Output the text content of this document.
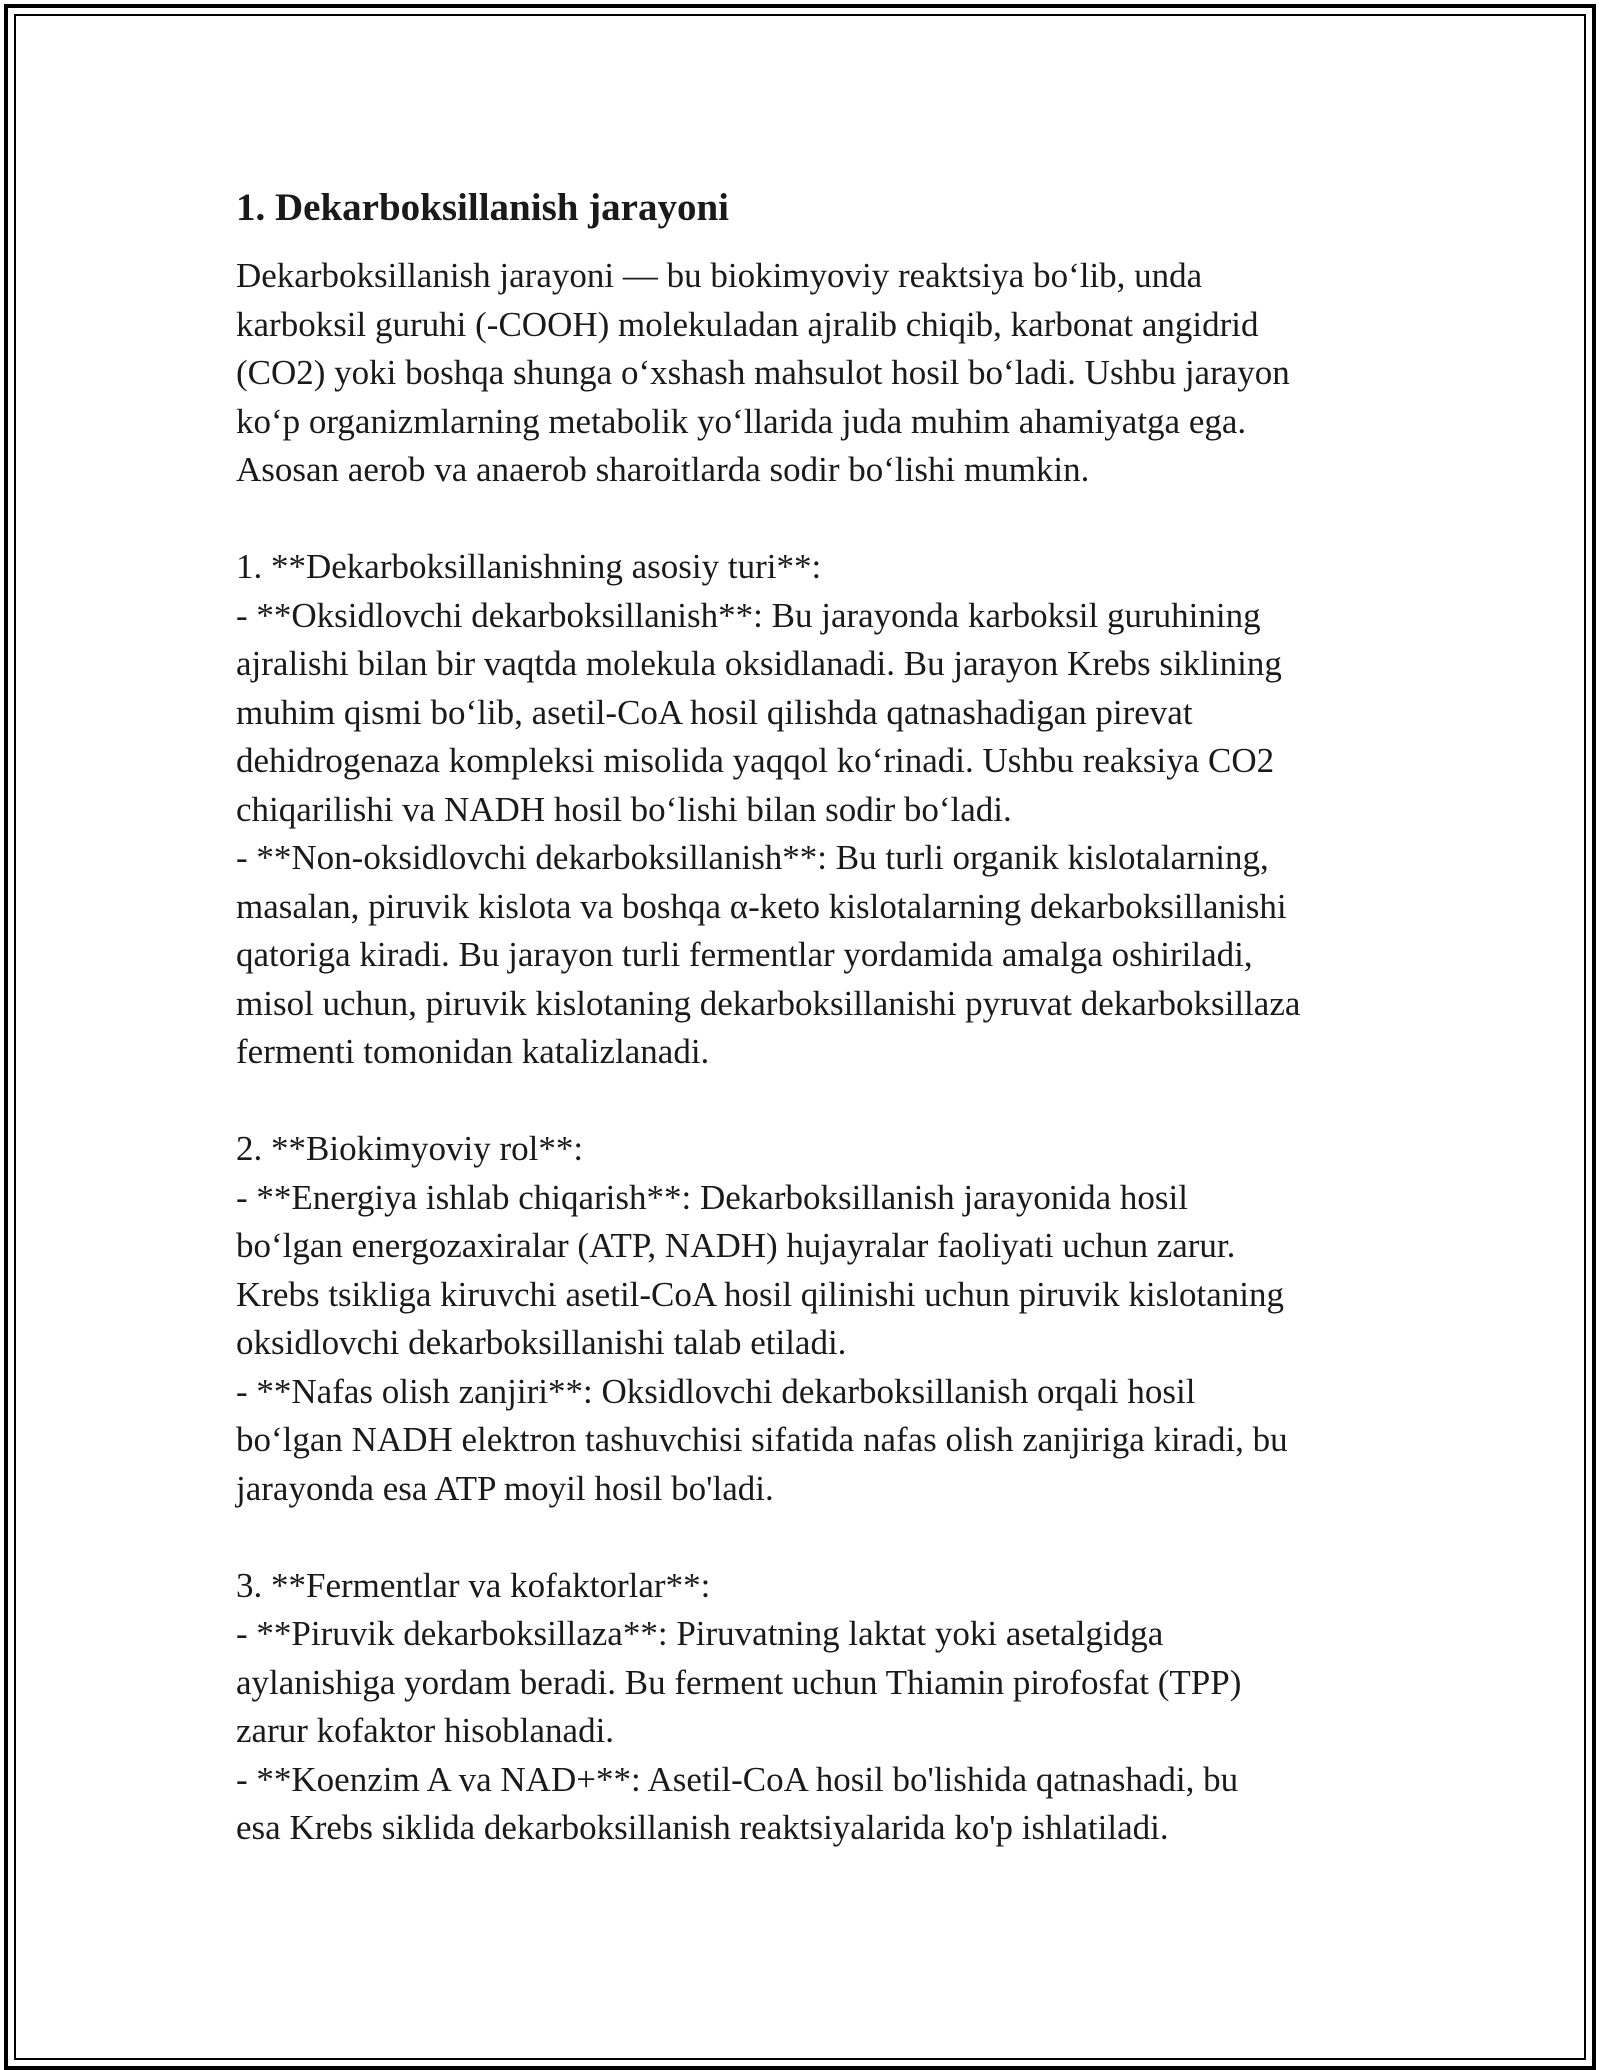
1. Dekarboksillanish jarayoni

Dekarboksillanish jarayoni — bu biokimyoviy reaktsiya bo‘lib, unda
karboksil guruhi (-COOH) molekuladan ajralib chiqib, karbonat angidrid
(CO2) yoki boshqa shunga o‘xshash mahsulot hosil bo‘ladi. Ushbu jarayon
ko‘p organizmlarning metabolik yo‘llarida juda muhim ahamiyatga ega.
Asosan aerob va anaerob sharoitlarda sodir bo‘lishi mumkin.

1. **Dekarboksillanishning asosiy turi**:
- **Oksidlovchi dekarboksillanish**: Bu jarayonda karboksil guruhining
ajralishi bilan bir vaqtda molekula oksidlanadi. Bu jarayon Krebs siklining
muhim qismi bo‘lib, asetil-CoA hosil qilishda qatnashadigan pirevat
dehidrogenaza kompleksi misolida yaqqol ko‘rinadi. Ushbu reaksiya CO2
chiqarilishi va NADH hosil bo‘lishi bilan sodir bo‘ladi.
- **Non-oksidlovchi dekarboksillanish**: Bu turli organik kislotalarning,
masalan, piruvik kislota va boshqa α-keto kislotalarning dekarboksillanishi
qatoriga kiradi. Bu jarayon turli fermentlar yordamida amalga oshiriladi,
misol uchun, piruvik kislotaning dekarboksillanishi pyruvat dekarboksillaza
fermenti tomonidan katalizlanadi.

2. **Biokimyoviy rol**:
- **Energiya ishlab chiqarish**: Dekarboksillanish jarayonida hosil
bo‘lgan energozaxiralar (ATP, NADH) hujayralar faoliyati uchun zarur.
Krebs tsikliga kiruvchi asetil-CoA hosil qilinishi uchun piruvik kislotaning
oksidlovchi dekarboksillanishi talab etiladi.
- **Nafas olish zanjiri**: Oksidlovchi dekarboksillanish orqali hosil
bo‘lgan NADH elektron tashuvchisi sifatida nafas olish zanjiriga kiradi, bu
jarayonda esa ATP moyil hosil bo'ladi.

3. **Fermentlar va kofaktorlar**:
- **Piruvik dekarboksillaza**: Piruvatning laktat yoki asetalgidga
aylanishiga yordam beradi. Bu ferment uchun Thiamin pirofosfat (TPP)
zarur kofaktor hisoblanadi.
- **Koenzim A va NAD+**: Asetil-CoA hosil bo'lishida qatnashadi, bu
esa Krebs siklida dekarboksillanish reaktsiyalarida ko'p ishlatiladi.
